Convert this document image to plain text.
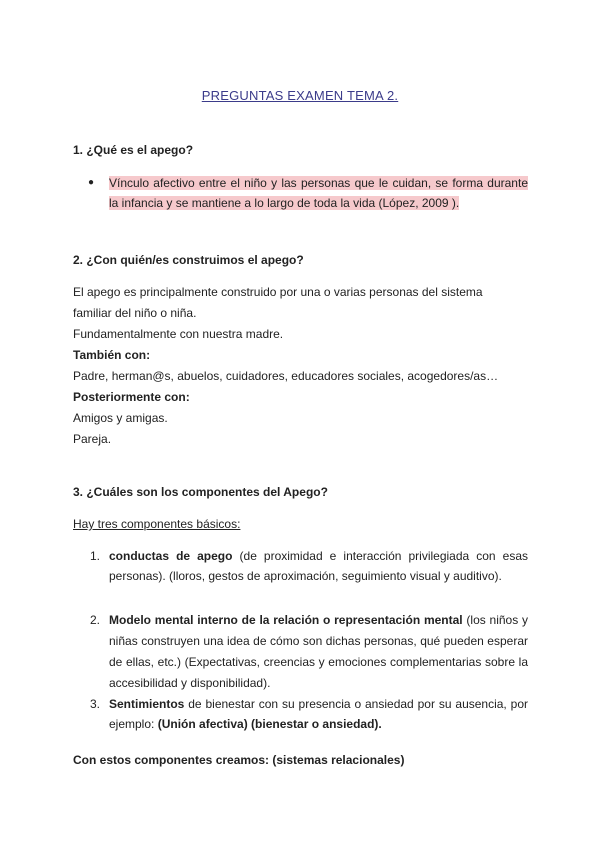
PREGUNTAS EXAMEN TEMA 2.
1. ¿Qué es el apego?
● Vínculo afectivo entre el niño y las personas que le cuidan, se forma durante la infancia y se mantiene a lo largo de toda la vida (López, 2009 ).
2. ¿Con quién/es construimos el apego?
El apego es principalmente construido por una o varias personas del sistema
familiar del niño o niña.
Fundamentalmente con nuestra madre.
También con:
Padre, herman@s, abuelos, cuidadores, educadores sociales, acogedores/as…
Posteriormente con:
Amigos y amigas.
Pareja.
3. ¿Cuáles son los componentes del Apego?
Hay tres componentes básicos:
1. conductas de apego (de proximidad e interacción privilegiada con esas personas). (lloros, gestos de aproximación, seguimiento visual y auditivo).
2. Modelo mental interno de la relación o representación mental (los niños y niñas construyen una idea de cómo son dichas personas, qué pueden esperar de ellas, etc.) (Expectativas, creencias y emociones complementarias sobre la accesibilidad y disponibilidad).
3. Sentimientos de bienestar con su presencia o ansiedad por su ausencia, por ejemplo: (Unión afectiva) (bienestar o ansiedad).
Con estos componentes creamos: (sistemas relacionales)
